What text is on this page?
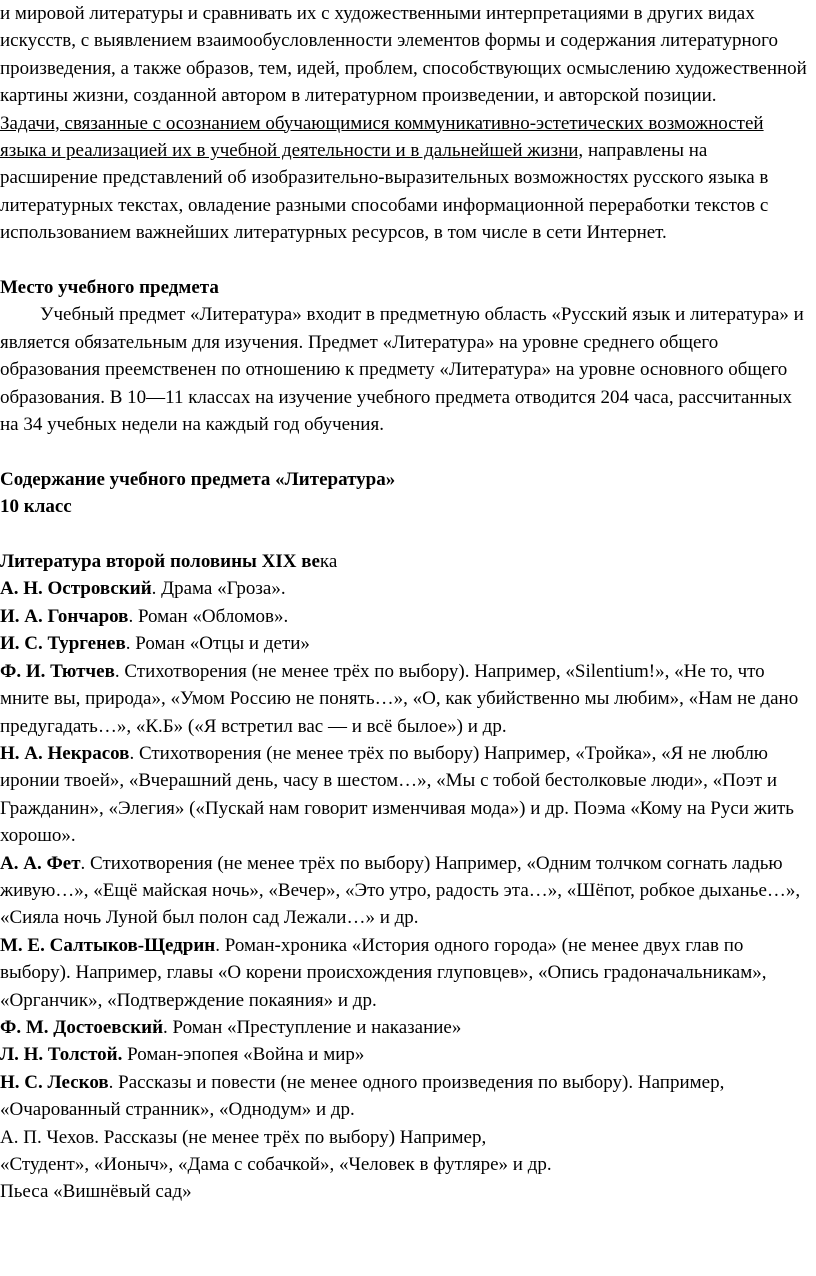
и мировой литературы и сравнивать их с художественными интерпретациями в других видах искусств, с выявлением взаимообусловленности элементов формы и содержания литературного произведения, а также образов, тем, идей, проблем, способствующих осмыслению художественной картины жизни, созданной автором в литературном произведении, и авторской позиции.

Задачи, связанные с осознанием обучающимися коммуникативно-эстетических возможностей языка и реализацией их в учебной деятельности и в дальнейшей жизни, направлены на расширение представлений об изобразительно-выразительных возможностях русского языка в литературных текстах, овладение разными способами информационной переработки текстов с использованием важнейших литературных ресурсов, в том числе в сети Интернет.

Место учебного предмета

Учебный предмет «Литература» входит в предметную область «Русский язык и литература» и является обязательным для изучения. Предмет «Литература» на уровне среднего общего образования преемственен по отношению к предмету «Литература» на уровне основного общего образования. В 10—11 классах на изучение учебного предмета отводится 204 часа, рассчитанных на 34 учебных недели на каждый год обучения.

Содержание учебного предмета «Литература»

10 класс

Литература второй половины XIX века

А. Н. Островский. Драма «Гроза».

И. А. Гончаров. Роман «Обломов».

И. С. Тургенев. Роман «Отцы и дети»

Ф. И. Тютчев. Стихотворения (не менее трёх по выбору). Например, «Silentium!», «Не то, что мните вы, природа», «Умом Россию не понять…», «О, как убийственно мы любим», «Нам не дано предугадать…», «К.Б» («Я встретил вас — и всё былое») и др.

Н. А. Некрасов. Стихотворения (не менее трёх по выбору) Например, «Тройка», «Я не люблю иронии твоей», «Вчерашний день, часу в шестом…», «Мы с тобой бестолковые люди», «Поэт и Гражданин», «Элегия» («Пускай нам говорит изменчивая мода») и др. Поэма «Кому на Руси жить хорошо».

А. А. Фет. Стихотворения (не менее трёх по выбору) Например, «Одним толчком согнать ладью живую…», «Ещё майская ночь», «Вечер», «Это утро, радость эта…», «Шёпот, робкое дыханье…», «Сияла ночь Луной был полон сад Лежали…» и др.

М. Е. Салтыков-Щедрин. Роман-хроника «История одного города» (не менее двух глав по выбору). Например, главы «О корени происхождения глуповцев», «Опись градоначальникам», «Органчик», «Подтверждение покаяния» и др.

Ф. М. Достоевский. Роман «Преступление и наказание»

Л. Н. Толстой. Роман-эпопея «Война и мир»

Н. С. Лесков. Рассказы и повести (не менее одного произведения по выбору). Например, «Очарованный странник», «Однодум» и др.

А. П. Чехов. Рассказы (не менее трёх по выбору) Например,

«Студент», «Ионыч», «Дама с собачкой», «Человек в футляре» и др.

Пьеса «Вишнёвый сад»
